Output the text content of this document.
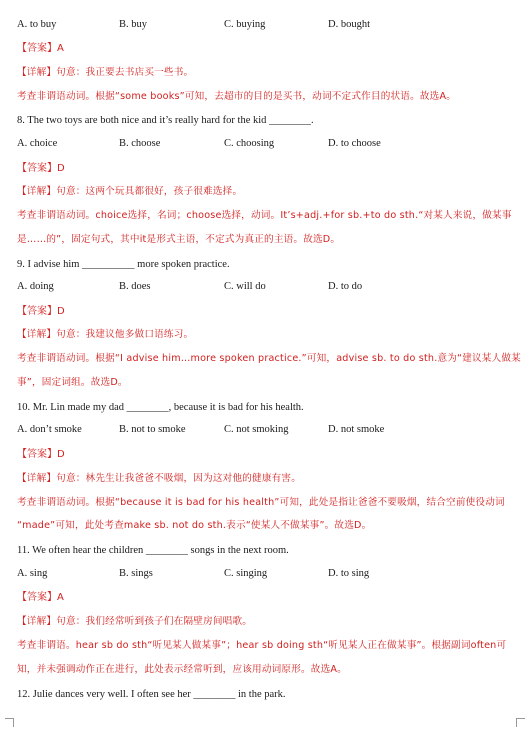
A. to buy	B. buy	C. buying	D. bought
【答案】A
【详解】句意：我正要去书店买一些书。
考查非谓语动词。根据“some books”可知，去超市的目的是买书，动词不定式作目的状语。故选A。
8. The two toys are both nice and it’s really hard for the kid ________.
A. choice	B. choose	C. choosing	D. to choose
【答案】D
【详解】句意：这两个玩具都很好，孩子很难选择。
考查非谓语动词。choice选择，名词；choose选择，动词。It’s+adj.+for sb.+to do sth.“对某人来说，做某事
是……的”，固定句式，其中it是形式主语，不定式为真正的主语。故选D。
9. I advise him __________ more spoken practice.
A. doing	B. does	C. will do	D. to do
【答案】D
【详解】句意：我建议他多做口语练习。
考查非谓语动词。根据“I advise him…more spoken practice.”可知，advise sb. to do sth.意为“建议某人做某
事”，固定词组。故选D。
10. Mr. Lin made my dad ________, because it is bad for his health.
A. don’t smoke	B. not to smoke	C. not smoking	D. not smoke
【答案】D
【详解】句意：林先生让我爸爸不吸烟，因为这对他的健康有害。
考查非谓语动词。根据“because it is bad for his health”可知，此处是指让爸爸不要吸烟，结合空前使役动词
“made”可知，此处考查make sb. not do sth.表示“使某人不做某事”。故选D。
11. We often hear the children ________ songs in the next room.
A. sing	B. sings	C. singing	D. to sing
【答案】A
【详解】句意：我们经常听到孩子们在隔壁房间唱歌。
考查非谓语。hear sb do sth“听见某人做某事”；hear sb doing sth“听见某人正在做某事”。根据副词often可
知，并未强调动作正在进行，此处表示经常听到，应该用动词原形。故选A。
12. Julie dances very well. I often see her ________ in the park.
